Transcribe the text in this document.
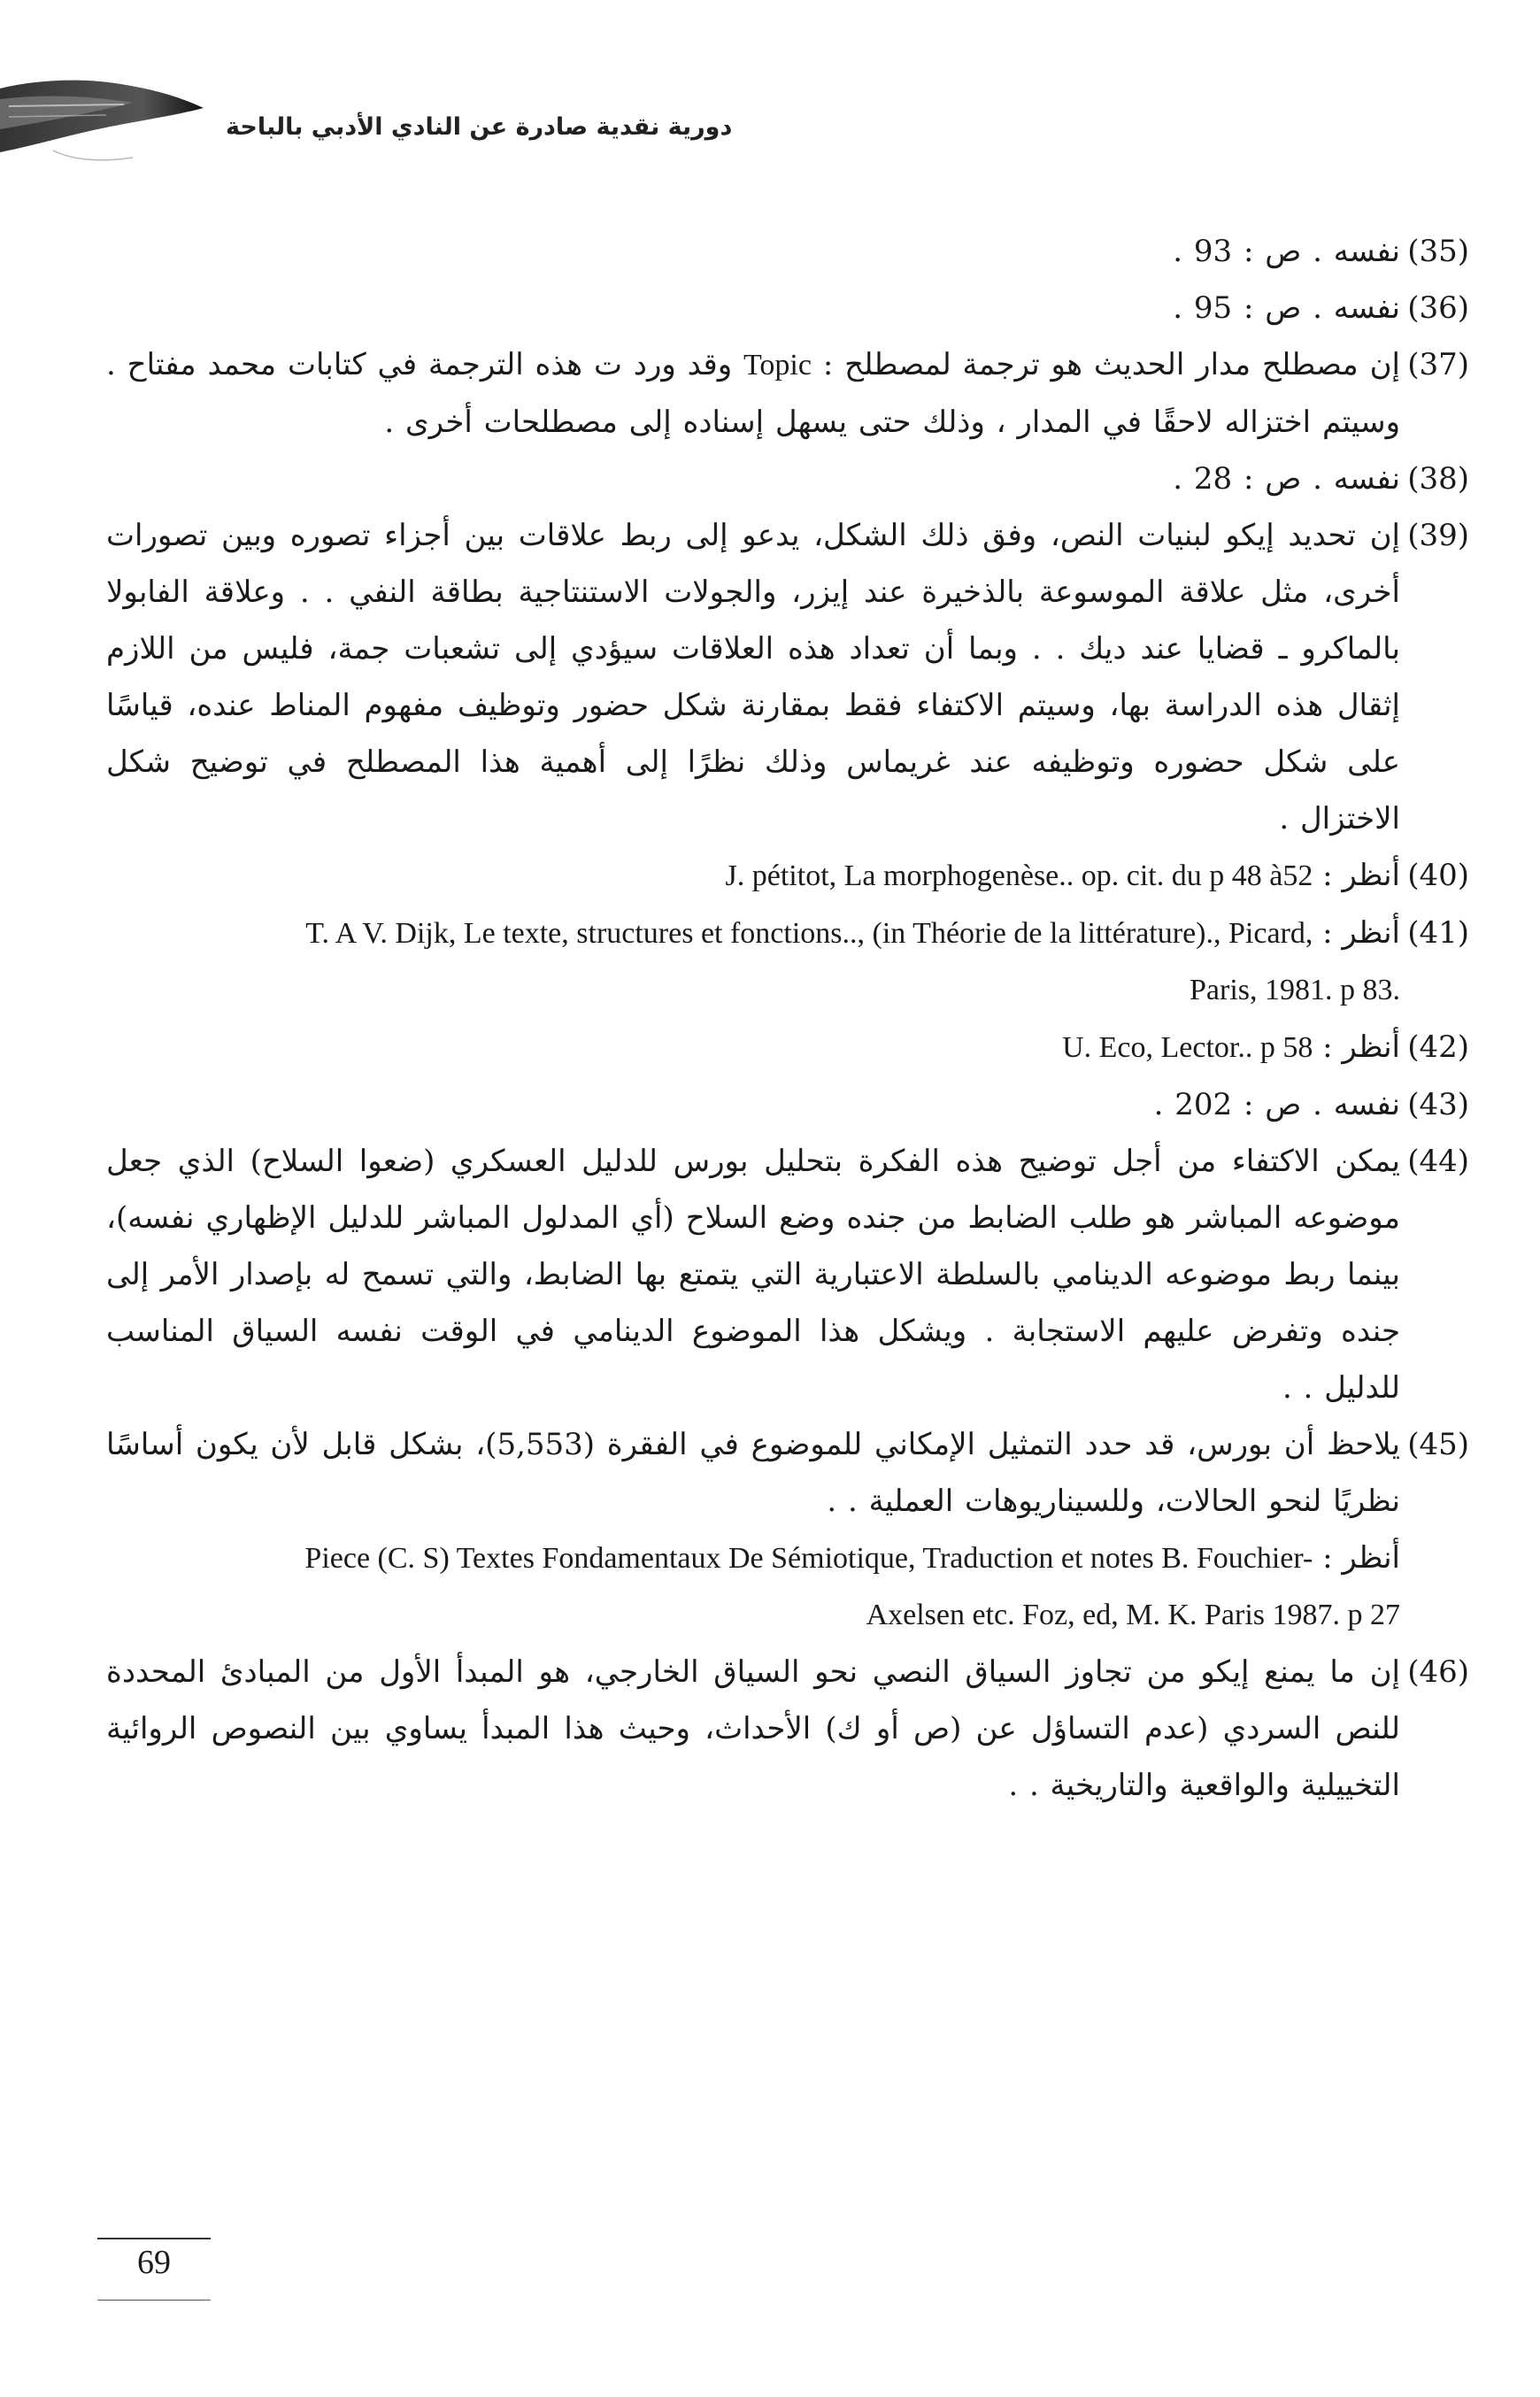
دورية نقدية صادرة عن النادي الأدبي بالباحة
(35)
نفسه . ص : 93 .
(36)
نفسه . ص : 95 .
(37)
إن مصطلح مدار الحديث هو ترجمة لمصطلح : Topic وقد ورد ت هذه الترجمة في كتابات محمد مفتاح . وسيتم اختزاله لاحقًا في المدار ، وذلك حتى يسهل إسناده إلى مصطلحات أخرى .
(38)
نفسه . ص : 28 .
(39)
إن تحديد إيكو لبنيات النص، وفق ذلك الشكل، يدعو إلى ربط علاقات بين أجزاء تصوره وبين تصورات أخرى، مثل علاقة الموسوعة بالذخيرة عند إيزر، والجولات الاستنتاجية بطاقة النفي . . وعلاقة الفابولا بالماكرو ـ قضايا عند ديك . . وبما أن تعداد هذه العلاقات سيؤدي إلى تشعبات جمة، فليس من اللازم إثقال هذه الدراسة بها، وسيتم الاكتفاء فقط بمقارنة شكل حضور وتوظيف مفهوم المناط عنده، قياسًا على شكل حضوره وتوظيفه عند غريماس وذلك نظرًا إلى أهمية هذا المصطلح في توضيح شكل الاختزال .
(40)
أنظر : J. pétitot, La morphogenèse.. op. cit. du p 48 à52
(41)
أنظر : T. A V. Dijk, Le texte, structures et fonctions.., (in Théorie de la littérature)., Picard,
Paris, 1981. p 83.
(42)
أنظر : U. Eco, Lector.. p 58
(43)
نفسه . ص : 202 .
(44)
يمكن الاكتفاء من أجل توضيح هذه الفكرة بتحليل بورس للدليل العسكري (ضعوا السلاح) الذي جعل موضوعه المباشر هو طلب الضابط من جنده وضع السلاح (أي المدلول المباشر للدليل الإظهاري نفسه)، بينما ربط موضوعه الدينامي بالسلطة الاعتبارية التي يتمتع بها الضابط، والتي تسمح له بإصدار الأمر إلى جنده وتفرض عليهم الاستجابة . ويشكل هذا الموضوع الدينامي في الوقت نفسه السياق المناسب للدليل . .
(45)
يلاحظ أن بورس، قد حدد التمثيل الإمكاني للموضوع في الفقرة (5,553)، بشكل قابل لأن يكون أساسًا نظريًا لنحو الحالات، وللسيناريوهات العملية . .
أنظر : Piece (C. S) Textes Fondamentaux De Sémiotique, Traduction et notes B. Fouchier-
Axelsen etc. Foz, ed, M. K. Paris 1987. p 27
(46)
إن ما يمنع إيكو من تجاوز السياق النصي نحو السياق الخارجي، هو المبدأ الأول من المبادئ المحددة للنص السردي (عدم التساؤل عن (ص أو ك) الأحداث، وحيث هذا المبدأ يساوي بين النصوص الروائية التخييلية والواقعية والتاريخية . .
69
